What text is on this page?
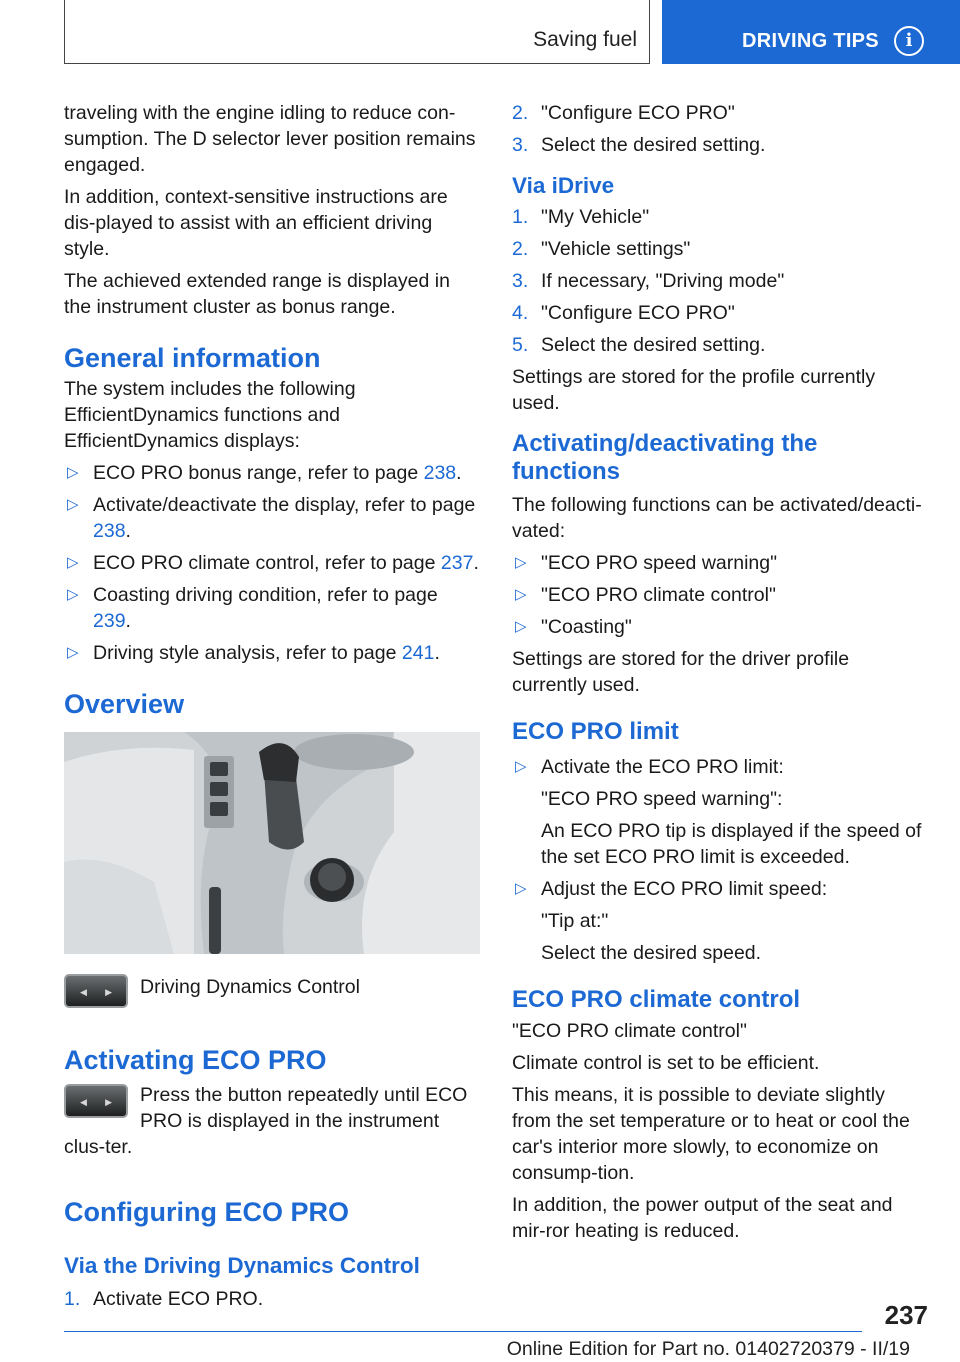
Saving fuel	DRIVING TIPS	i

traveling with the engine idling to reduce con-sumption. The D selector lever position remains engaged.

In addition, context-sensitive instructions are dis-played to assist with an efficient driving style.

The achieved extended range is displayed in the instrument cluster as bonus range.

General information

The system includes the following EfficientDynamics functions and EfficientDynamics displays:

▷ ECO PRO bonus range, refer to page 238.
▷ Activate/deactivate the display, refer to page 238.
▷ ECO PRO climate control, refer to page 237.
▷ Coasting driving condition, refer to page 239.
▷ Driving style analysis, refer to page 241.
Overview
◀ ▶ Driving Dynamics Control
Activating ECO PRO
◀ ▶	Press the button repeatedly until ECO PRO is displayed in the instrument clus-ter.

Configuring ECO PRO
Via the Driving Dynamics Control
1. Activate ECO PRO.
2. "Configure ECO PRO"
3. Select the desired setting.
Via iDrive
1. "My Vehicle"
2. "Vehicle settings"
3. If necessary, "Driving mode"
4. "Configure ECO PRO"
5. Select the desired setting.

Settings are stored for the profile currently used.

Activating/deactivating the functions

The following functions can be activated/deacti-vated:

▷ "ECO PRO speed warning"
▷ "ECO PRO climate control"
▷ "Coasting"

Settings are stored for the driver profile currently used.

ECO PRO limit
▷ Activate the ECO PRO limit:
"ECO PRO speed warning":
An ECO PRO tip is displayed if the speed of the set ECO PRO limit is exceeded.
▷ Adjust the ECO PRO limit speed:
"Tip at:"
Select the desired speed.
ECO PRO climate control

"ECO PRO climate control"

Climate control is set to be efficient.

This means, it is possible to deviate slightly from the set temperature or to heat or cool the car's interior more slowly, to economize on consump-tion.

In addition, the power output of the seat and mir-ror heating is reduced.

237
Online Edition for Part no. 01402720379 - II/19
